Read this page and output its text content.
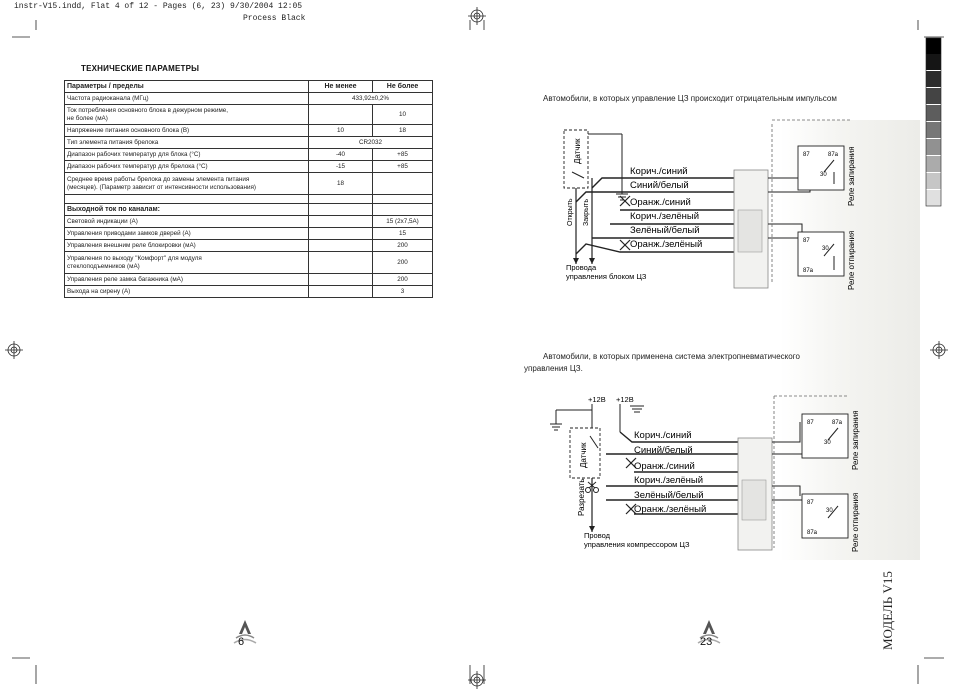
instr-V15.indd, Flat 4 of 12 - Pages (6, 23) 9/30/2004 12:05
Process Black
ТЕХНИЧЕСКИЕ ПАРАМЕТРЫ
Параметры / пределы	Не менее	Не более
Частота радиоканала (МГц)	433,92±0,2%	

Ток потребления основного блока в дежурном режиме,
не более (мА)		10
Напряжение питания основного блока (В)	10	18
Тип элемента питания брелока	CR2032	
Диапазон рабочих температур для блока (°C)	-40	+85
Диапазон рабочих температур для брелока (°C)	-15	+85

Среднее время работы брелока до замены элемента питания
(месяцев). (Параметр зависит от интенсивности использования)	18	

Выходной ток по каналам:		
Световой индикации (A)		15 (2х7,5A)
Управления приводами замков дверей (A)		15
Управления внешним реле блокировки (мА)		200

Управления по выходу "Комфорт" для модуля
стеклоподъемников (мА)		200
Управления реле замка багажника (мА)		200
Выхода на сирену (A)		3
6
Автомобили, в которых управление ЦЗ происходит отрицательным импульсом
Датчик
Открыть Закрыть
Корич./синий
Синий/белый
Оранж./синий
Корич./зелёный
Зелёный/белый
Оранж./зелёный
87	87a
30	Реле запирания
87
87a
30 Реле отпирания
Провода
управления блоком ЦЗ
Автомобили, в которых применена система электропневматического
управления ЦЗ.
+12В +12В
Датчик
Разрезать
Корич./синий
Синий/белый
Оранж./синий
Корич./зелёный
Зелёный/белый
Оранж./зелёный
87	87a
30	Реле запирания
87
87a
30 Реле отпирания
Провод
управления компрессором ЦЗ
23	МОДЕЛЬ V15
